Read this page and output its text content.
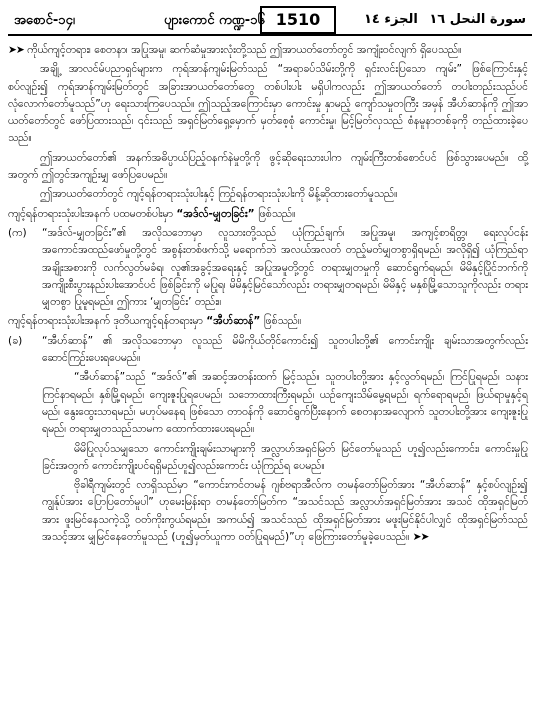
အစောင်-၁၄၊	ပျားကောင် ကဏ္ဍ-၁၆ 1510	الجزء ١٤ سورة النحل ١٦

➤➤ ကိုယ်ကျင့်တရား၊ စေတနာ၊ အပြုအမူ၊ ဆက်ဆံမှုအားလုံးတို့သည် ဤအာယတ်တော်တွင် အကျုံးဝင်လျက် ရှိပေသည်။

အချို့ အာလင်မ်ပညာရှင်များက ကုရ်အာန်ကျမ်းမြတ်သည် “အရာခပ်သိမ်းတို့ကို ရှင်းလင်းပြသော ကျမ်း” ဖြစ်ကြောင်းနှင့်စပ်လျဉ်း၍ ကုရ်အာန်ကျမ်းမြတ်တွင် အခြားအာယတ်တော်တွေ တစ်ပါးပါး မရှိပါကလည်း ဤအာယတ်တော် တပါးတည်းသည်ပင် လုံလောက်တော်မူသည်”ဟု ရေးသားကြပေသည်။ ဤသည့်အကြောင်းမှာ ကောင်းမှု နှာမည့် ကျော်သမှုတကြီး အမှန် အီဟ်ဆာန်ကို ဤအာယတ်တော်တွင် ဖော်ပြထားသည်၊ ၎င်းသည် အရှင်မြတ်ရှေ့မှောက် မှတ်စေ့စုံ ကောင်းမှု၊ မြင့်မြတ်လှသည် စံနမူနာတစ်ခုကို တည်ထားခဲ့ပေသည်။

ဤအာယတ်တော်၏ အနက်အဓိပ္ပာယ်ပြည့်ဝနက်နဲမှုတို့ကို ဖွင့်ဆိုရေးသားပါက ကျမ်းကြီးတစ်စောင်ပင် ဖြစ်သွားပေမည်။ ထို့အတွက် ဤတွင်အကျဉ်းမျှ ဖော်ပြပေမည်။

ဤအာယတ်တော်တွင် ကျင့်ရန်တရားသုံးပါးနှင့် ကြဉ်ရန်တရားသုံးပါးကို မိန့်ဆိုထားတော်မူသည်။

ကျင့်ရန်တရားသုံးပါးအနက် ပထမတစ်ပါးမှာ “အဒ်လ်-မျှတခြင်း” ဖြစ်သည်။

(က)	“အဒ်လ်-မျှတခြင်း”၏ အလိုသဘောမှာ လူသားတို့သည် ယုံကြည်ချက်၊ အပြုအမူ၊ အကျင့်စာရိတ္တ၊ ရေးလုပ်ငန်းအကောင်အထည်ဖော်မှုတို့တွင် အစွန်းတစ်ဖက်သို့ မရောက်ဘဲ အလယ်အလတ် တည့်မတ်မျှတစွာရှိရမည်၊ အလိုရှိ၍ ယုံကြည်ရာ အချိုးအစားကို လက်လွတ်မခံရ၊ လူ၏အခွင့်အရေးနှင့် အပြုအမူတို့တွင် တရားမျှတမှုကို ဆောင်ရွက်ရမည်၊ မိမိနှင့်ပြိုင်ဘက်ကို အကျိုးစီးပွားနည်းပါးအောင်ပင် ဖြစ်ခြင်းကို မပြုရ၊ မိမိနှင့်မြင်သော်လည်း တရားမျှတရမည်၊ မိမိနှင့် မနှစ်မြို့သောသူကိုလည်း တရားမျှတစွာ ပြုမူရမည်။ ဤကား ‘မျှတခြင်း’ တည်း။

ကျင့်ရန်တရားသုံးပါးအနက် ဒုတိယကျင့်ရန်တရားမှာ “အီဟ်ဆာန်” ဖြစ်သည်။

(ခ)	“အီဟ်ဆာန်” ၏ အလိုသဘောမှာ လူသည် မိမိကိုယ်တိုင်ကောင်း၍ သူတပါးတို့၏ ကောင်းကျိုး ချမ်းသာအတွက်လည်း ဆောင်ကြဉ်းပေးရပေမည်။

“အီဟ်ဆာန်”သည် “အဒ်လ်”၏ အဆင့်အတန်းထက် မြင့်သည်။ သူတပါးတို့အား နှင့်လွတ်ရမည်၊ ကြင်ပြုရမည်၊ သနားကြင်နာရမည်၊ နှစ်မြို့ရမည်၊ ကျေးဇူးပြုရပေမည်၊ သဘောထားကြီးရမည်၊ ယဉ်ကျေးသိမ်မွေ့ရမည်၊ ရက်ရောရမည်၊ ဖြယ်ရာမှုနှင့်ရမည်၊ နွေးထွေးသာရမည်၊ မဟုပ်မနေရ ဖြစ်သော တာဝန်ကို ဆောင်ရွက်ပြီးနောက် စေတနာအလျောက် သူတပါးတို့အား ကျေးဇူးပြုရမည်၊ တရားမျှတသည်သာမက ထောက်ထားပေးရမည်။

မိမိပြုလုပ်သမျှသော ကောင်းကျိုးချမ်းသာများကို အလ္လာဟ်အရှင်မြတ် မြင်တော်မူသည် ဟူ၍လည်းကောင်း၊ ကောင်းမှုပြုခြင်းအတွက် ကောင်းကျိုးပင်ရရှိမည်ဟူ၍လည်းကောင်း ယုံကြည်ရ ပေမည်။

ဗိုခါရီကျမ်းတွင် လာရှိသည်မှာ “ကောင်းကင်တမန် ဂျစ်ဗရာအီလ်က တမန်တော်မြတ်အား “အီဟ်ဆာန်” နှင့်စပ်လျဉ်း၍ ကျွန်ုပ်အား ပြောပြတော်မူပါ” ဟုမေးမြန်းရာ တမန်တော်မြတ်က “အသင်သည် အလ္လာဟ်အရှင်မြတ်အား အသင် ထိုအရှင်မြတ်အား ဖူးမြင်နေသကဲ့သို့ ဝတ်ကိုးကွယ်ရမည်။ အကယ်၍ အသင်သည် ထိုအရှင်မြတ်အား မဖူးမြင်နိုင်ပါလျှင် ထိုအရှင်မြတ်သည် အသင့်အား မျှမြင်နေတော်မူသည် (ဟူ၍မှတ်ယူကာ ဝတ်ပြုရမည်)”ဟု ဖြေကြားတော်မူခဲ့ပေသည်။ ➤➤
